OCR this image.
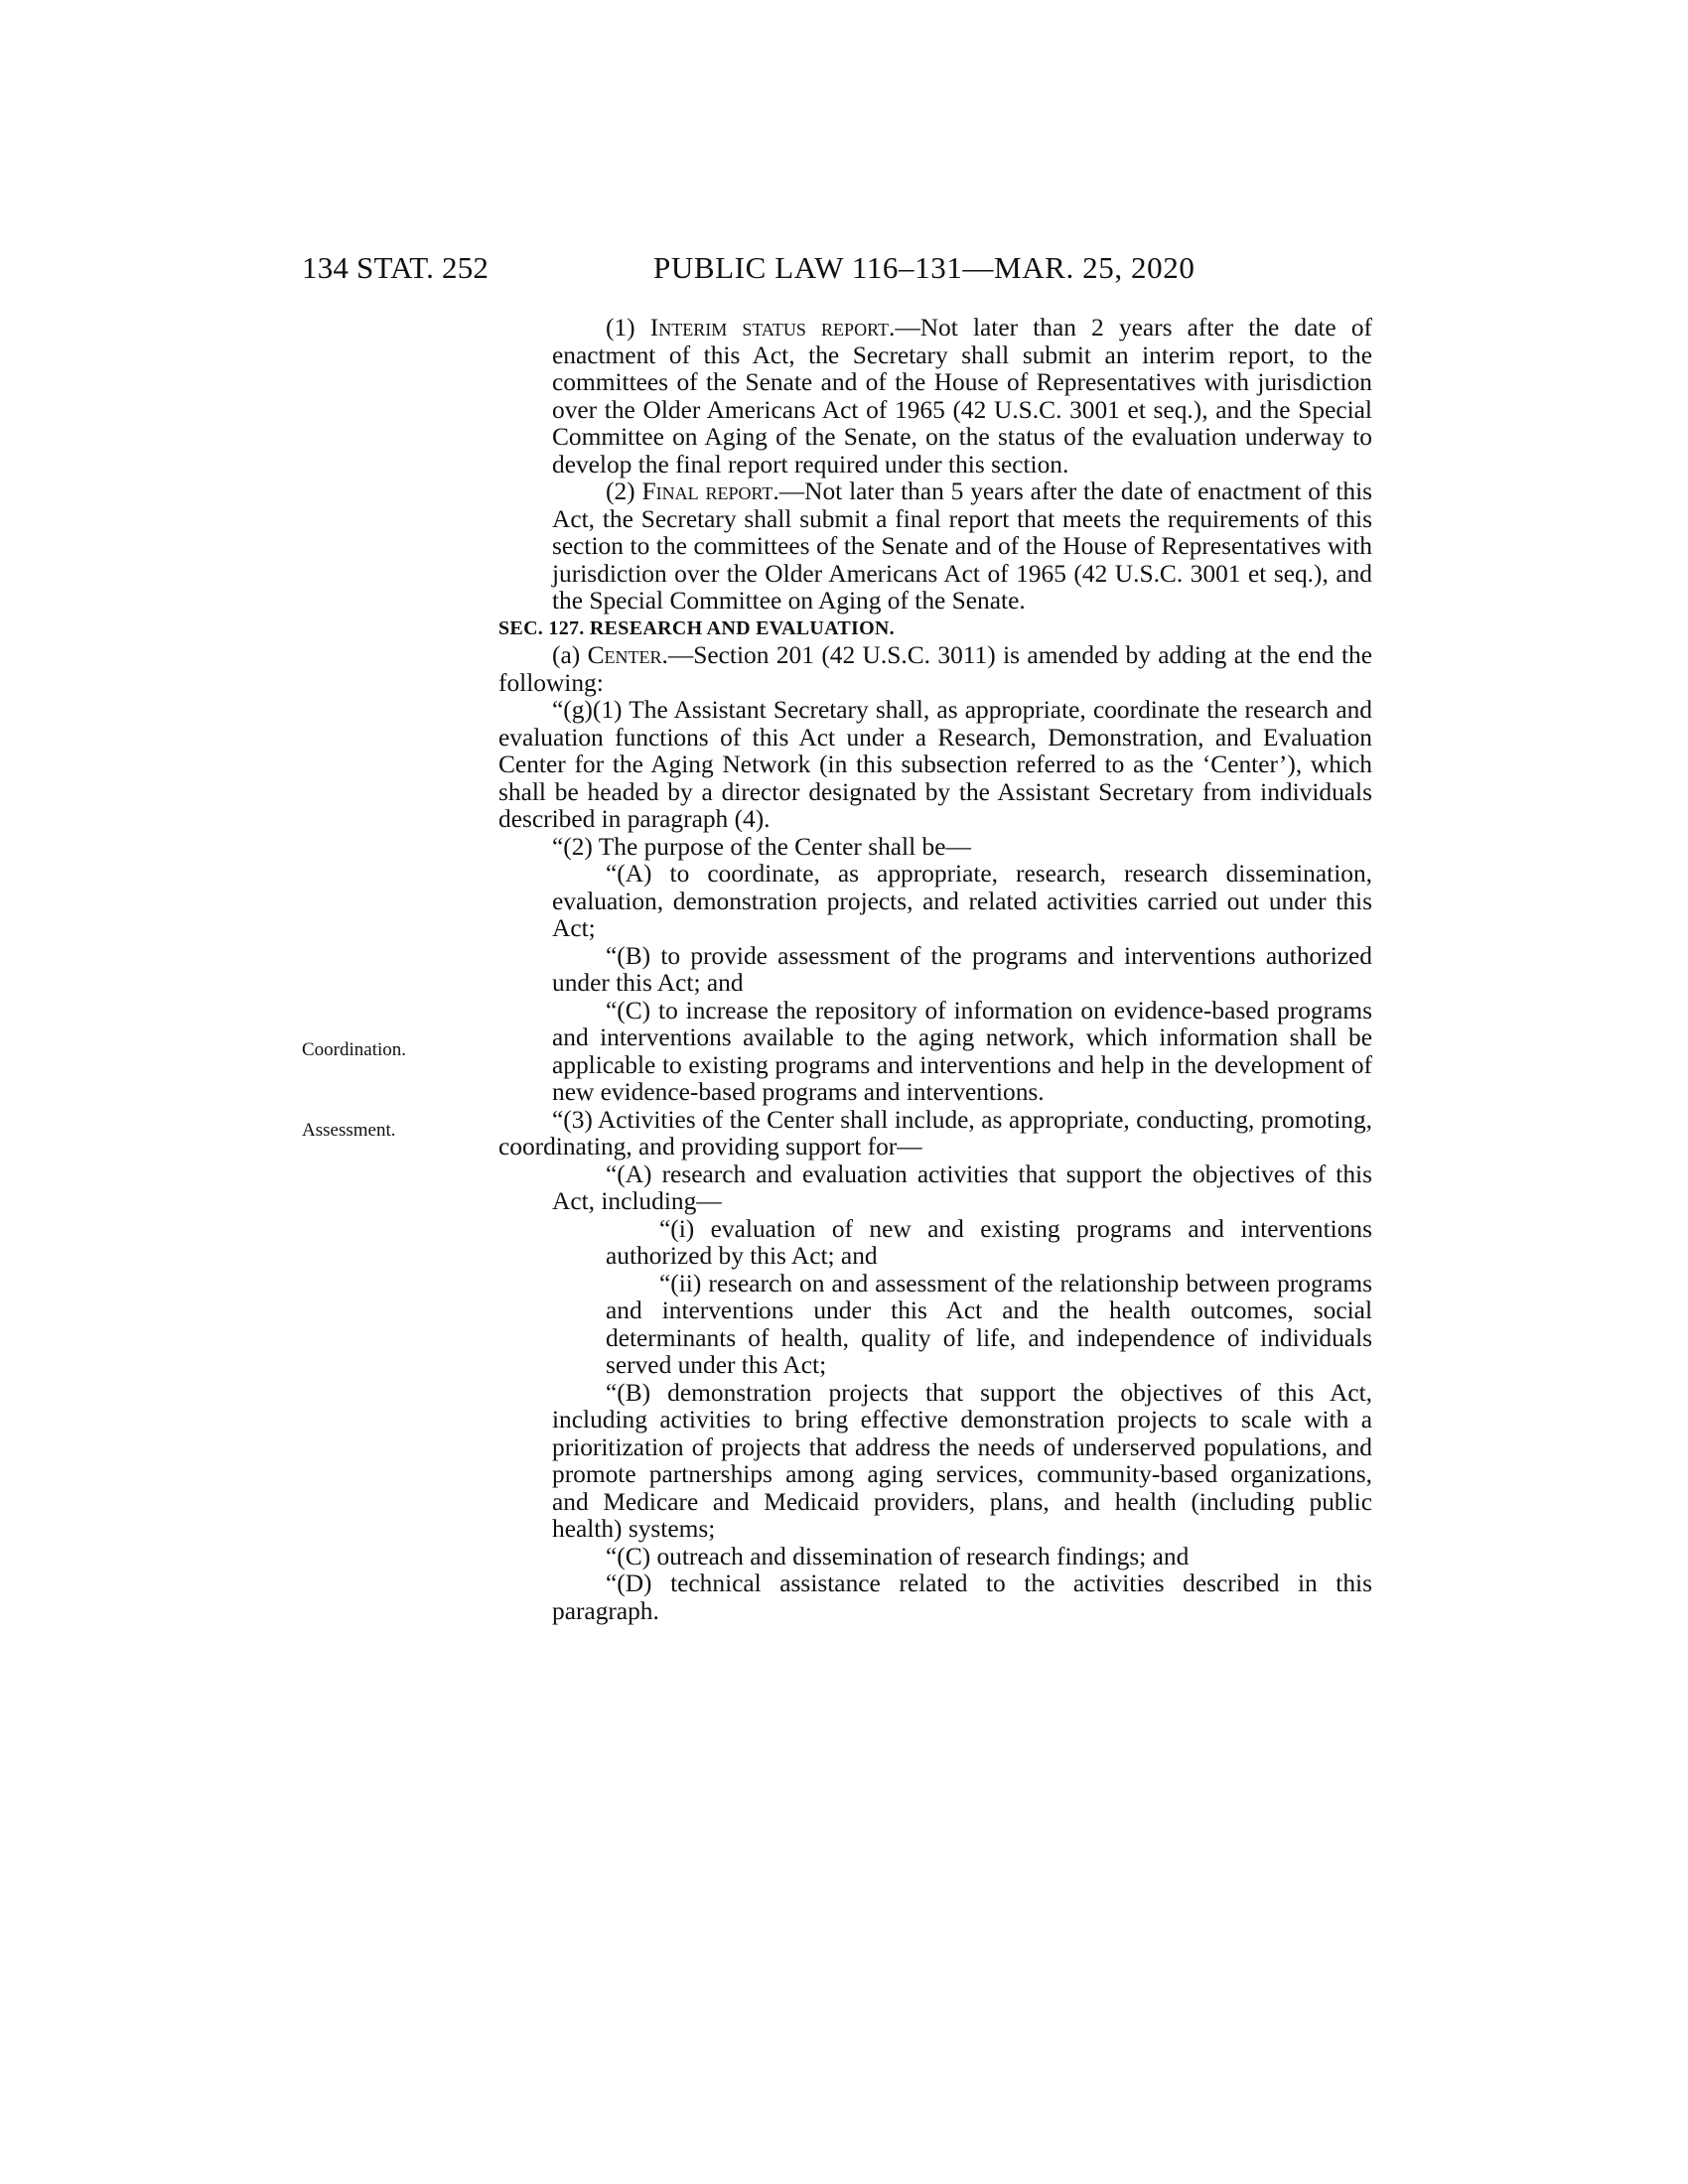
134 STAT. 252	PUBLIC LAW 116–131—MAR. 25, 2020
Coordination.
Assessment.

(1) Interim status report.—Not later than 2 years after the date of enactment of this Act, the Secretary shall submit an interim report, to the committees of the Senate and of the House of Representatives with jurisdiction over the Older Americans Act of 1965 (42 U.S.C. 3001 et seq.), and the Special Committee on Aging of the Senate, on the status of the evaluation underway to develop the final report required under this section.

(2) Final report.—Not later than 5 years after the date of enactment of this Act, the Secretary shall submit a final report that meets the requirements of this section to the committees of the Senate and of the House of Representatives with jurisdiction over the Older Americans Act of 1965 (42 U.S.C. 3001 et seq.), and the Special Committee on Aging of the Senate.

SEC. 127. RESEARCH AND EVALUATION.

(a) Center.—Section 201 (42 U.S.C. 3011) is amended by adding at the end the following:

“(g)(1) The Assistant Secretary shall, as appropriate, coordinate the research and evaluation functions of this Act under a Research, Demonstration, and Evaluation Center for the Aging Network (in this subsection referred to as the ‘Center’), which shall be headed by a director designated by the Assistant Secretary from individuals described in paragraph (4).

“(2) The purpose of the Center shall be—

“(A) to coordinate, as appropriate, research, research dissemination, evaluation, demonstration projects, and related activities carried out under this Act;

“(B) to provide assessment of the programs and interventions authorized under this Act; and

“(C) to increase the repository of information on evidence-based programs and interventions available to the aging network, which information shall be applicable to existing programs and interventions and help in the development of new evidence-based programs and interventions.

“(3) Activities of the Center shall include, as appropriate, conducting, promoting, coordinating, and providing support for—

“(A) research and evaluation activities that support the objectives of this Act, including—

“(i) evaluation of new and existing programs and interventions authorized by this Act; and

“(ii) research on and assessment of the relationship between programs and interventions under this Act and the health outcomes, social determinants of health, quality of life, and independence of individuals served under this Act;

“(B) demonstration projects that support the objectives of this Act, including activities to bring effective demonstration projects to scale with a prioritization of projects that address the needs of underserved populations, and promote partnerships among aging services, community-based organizations, and Medicare and Medicaid providers, plans, and health (including public health) systems;

“(C) outreach and dissemination of research findings; and

“(D) technical assistance related to the activities described in this paragraph.
